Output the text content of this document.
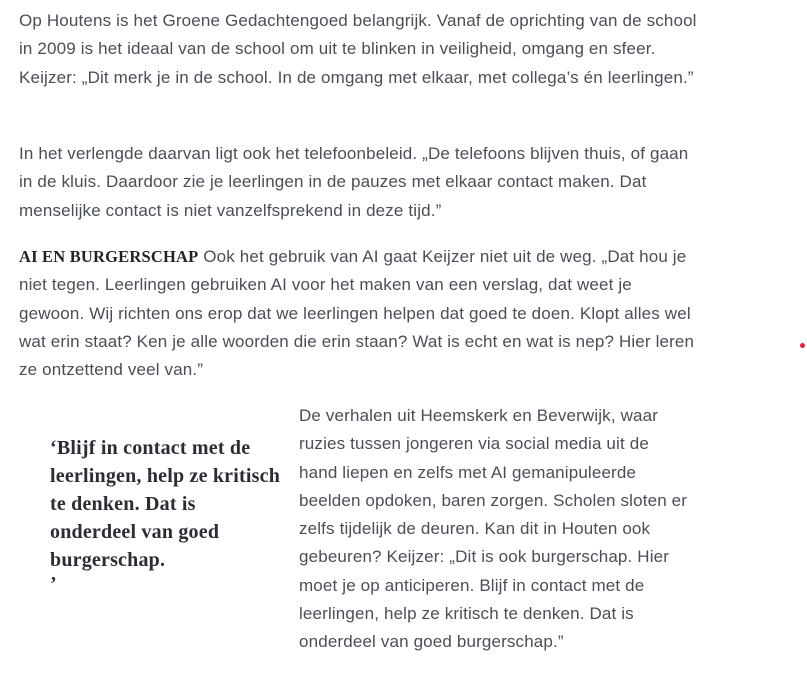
Op Houtens is het Groene Gedachtengoed belangrijk. Vanaf de oprichting van de school in 2009 is het ideaal van de school om uit te blinken in veiligheid, omgang en sfeer. Keijzer: „Dit merk je in de school. In de omgang met elkaar, met collega’s én leerlingen.”

In het verlengde daarvan ligt ook het telefoonbeleid. „De telefoons blijven thuis, of gaan in de kluis. Daardoor zie je leerlingen in de pauzes met elkaar contact maken. Dat menselijke contact is niet vanzelfsprekend in deze tijd.”

AI EN BURGERSCHAP Ook het gebruik van AI gaat Keijzer niet uit de weg. „Dat hou je niet tegen. Leerlingen gebruiken AI voor het maken van een verslag, dat weet je gewoon. Wij richten ons erop dat we leerlingen helpen dat goed te doen. Klopt alles wel wat erin staat? Ken je alle woorden die erin staan? Wat is echt en wat is nep? Hier leren ze ontzettend veel van.”

‘Blijf in contact met de leerlingen, help ze kritisch te denken. Dat is onderdeel van goed burgerschap.

’

De verhalen uit Heemskerk en Beverwijk, waar ruzies tussen jongeren via social media uit de hand liepen en zelfs met AI gemanipuleerde beelden opdoken, baren zorgen. Scholen sloten er zelfs tijdelijk de deuren. Kan dit in Houten ook gebeuren? Keijzer: „Dit is ook burgerschap. Hier moet je op anticiperen. Blijf in contact met de leerlingen, help ze kritisch te denken. Dat is onderdeel van goed burgerschap.”
